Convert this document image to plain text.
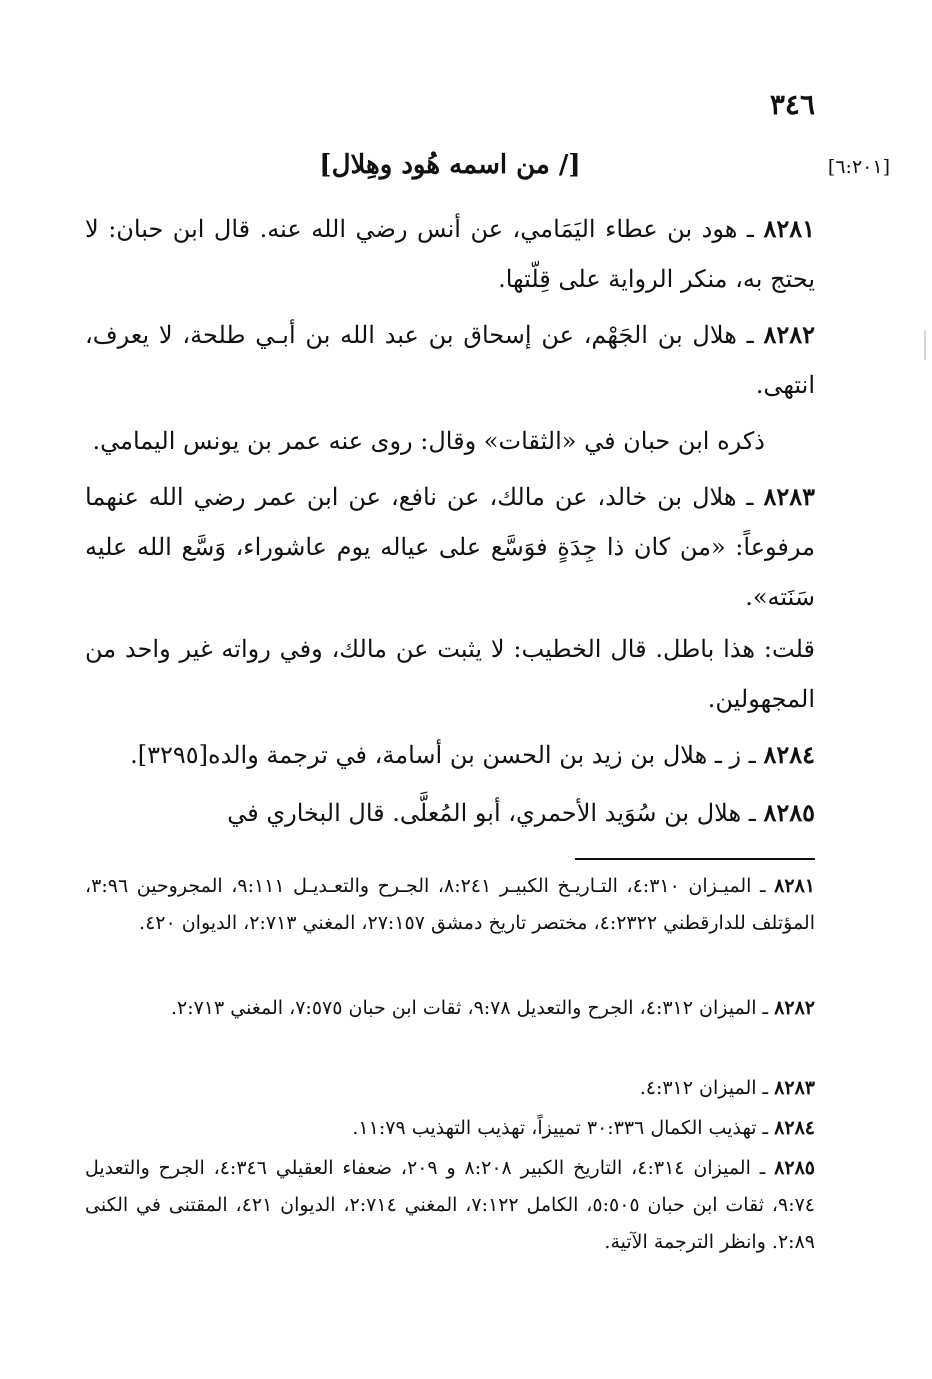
٣٤٦
[٦:٢٠١]
[/ من اسمه هُود وهِلال]
٨٢٨١ ـ هود بن عطاء اليَمَامي، عن أنس رضي الله عنه. قال ابن حبان: لا يحتج به، منكر الرواية على قِلّتها.
٨٢٨٢ ـ هلال بن الجَهْم، عن إسحاق بن عبد الله بن أبـي طلحة، لا يعرف، انتهى.
ذكره ابن حبان في «الثقات» وقال: روى عنه عمر بن يونس اليمامي.
٨٢٨٣ ـ هلال بن خالد، عن مالك، عن نافع، عن ابن عمر رضي الله عنهما مرفوعاً: «من كان ذا جِدَةٍ فوَسَّع على عياله يوم عاشوراء، وَسَّع الله عليه سَنَته».
قلت: هذا باطل. قال الخطيب: لا يثبت عن مالك، وفي رواته غير واحد من المجهولين.
٨٢٨٤ ـ ز ـ هلال بن زيد بن الحسن بن أسامة، في ترجمة والده[٣٢٩٥].
٨٢٨٥ ـ هلال بن سُوَيد الأحمري، أبو المُعلَّى. قال البخاري في
٨٢٨١ ـ الميـزان ٤:٣١٠، التـاريـخ الكبيـر ٨:٢٤١، الجـرح والتعـديـل ٩:١١١، المجروحين ٣:٩٦، المؤتلف للدارقطني ٤:٢٣٢٢، مختصر تاريخ دمشق ٢٧:١٥٧، المغني ٢:٧١٣، الديوان ٤٢٠.
٨٢٨٢ ـ الميزان ٤:٣١٢، الجرح والتعديل ٩:٧٨، ثقات ابن حبان ٧:٥٧٥، المغني ٢:٧١٣.
٨٢٨٣ ـ الميزان ٤:٣١٢.
٨٢٨٤ ـ تهذيب الكمال ٣٠:٣٣٦ تمييزاً، تهذيب التهذيب ١١:٧٩.
٨٢٨٥ ـ الميزان ٤:٣١٤، التاريخ الكبير ٨:٢٠٨ و ٢٠٩، ضعفاء العقيلي ٤:٣٤٦، الجرح والتعديل ٩:٧٤، ثقات ابن حبان ٥:٥٠٥، الكامل ٧:١٢٢، المغني ٢:٧١٤، الديوان ٤٢١، المقتنى في الكنى ٢:٨٩. وانظر الترجمة الآتية.
